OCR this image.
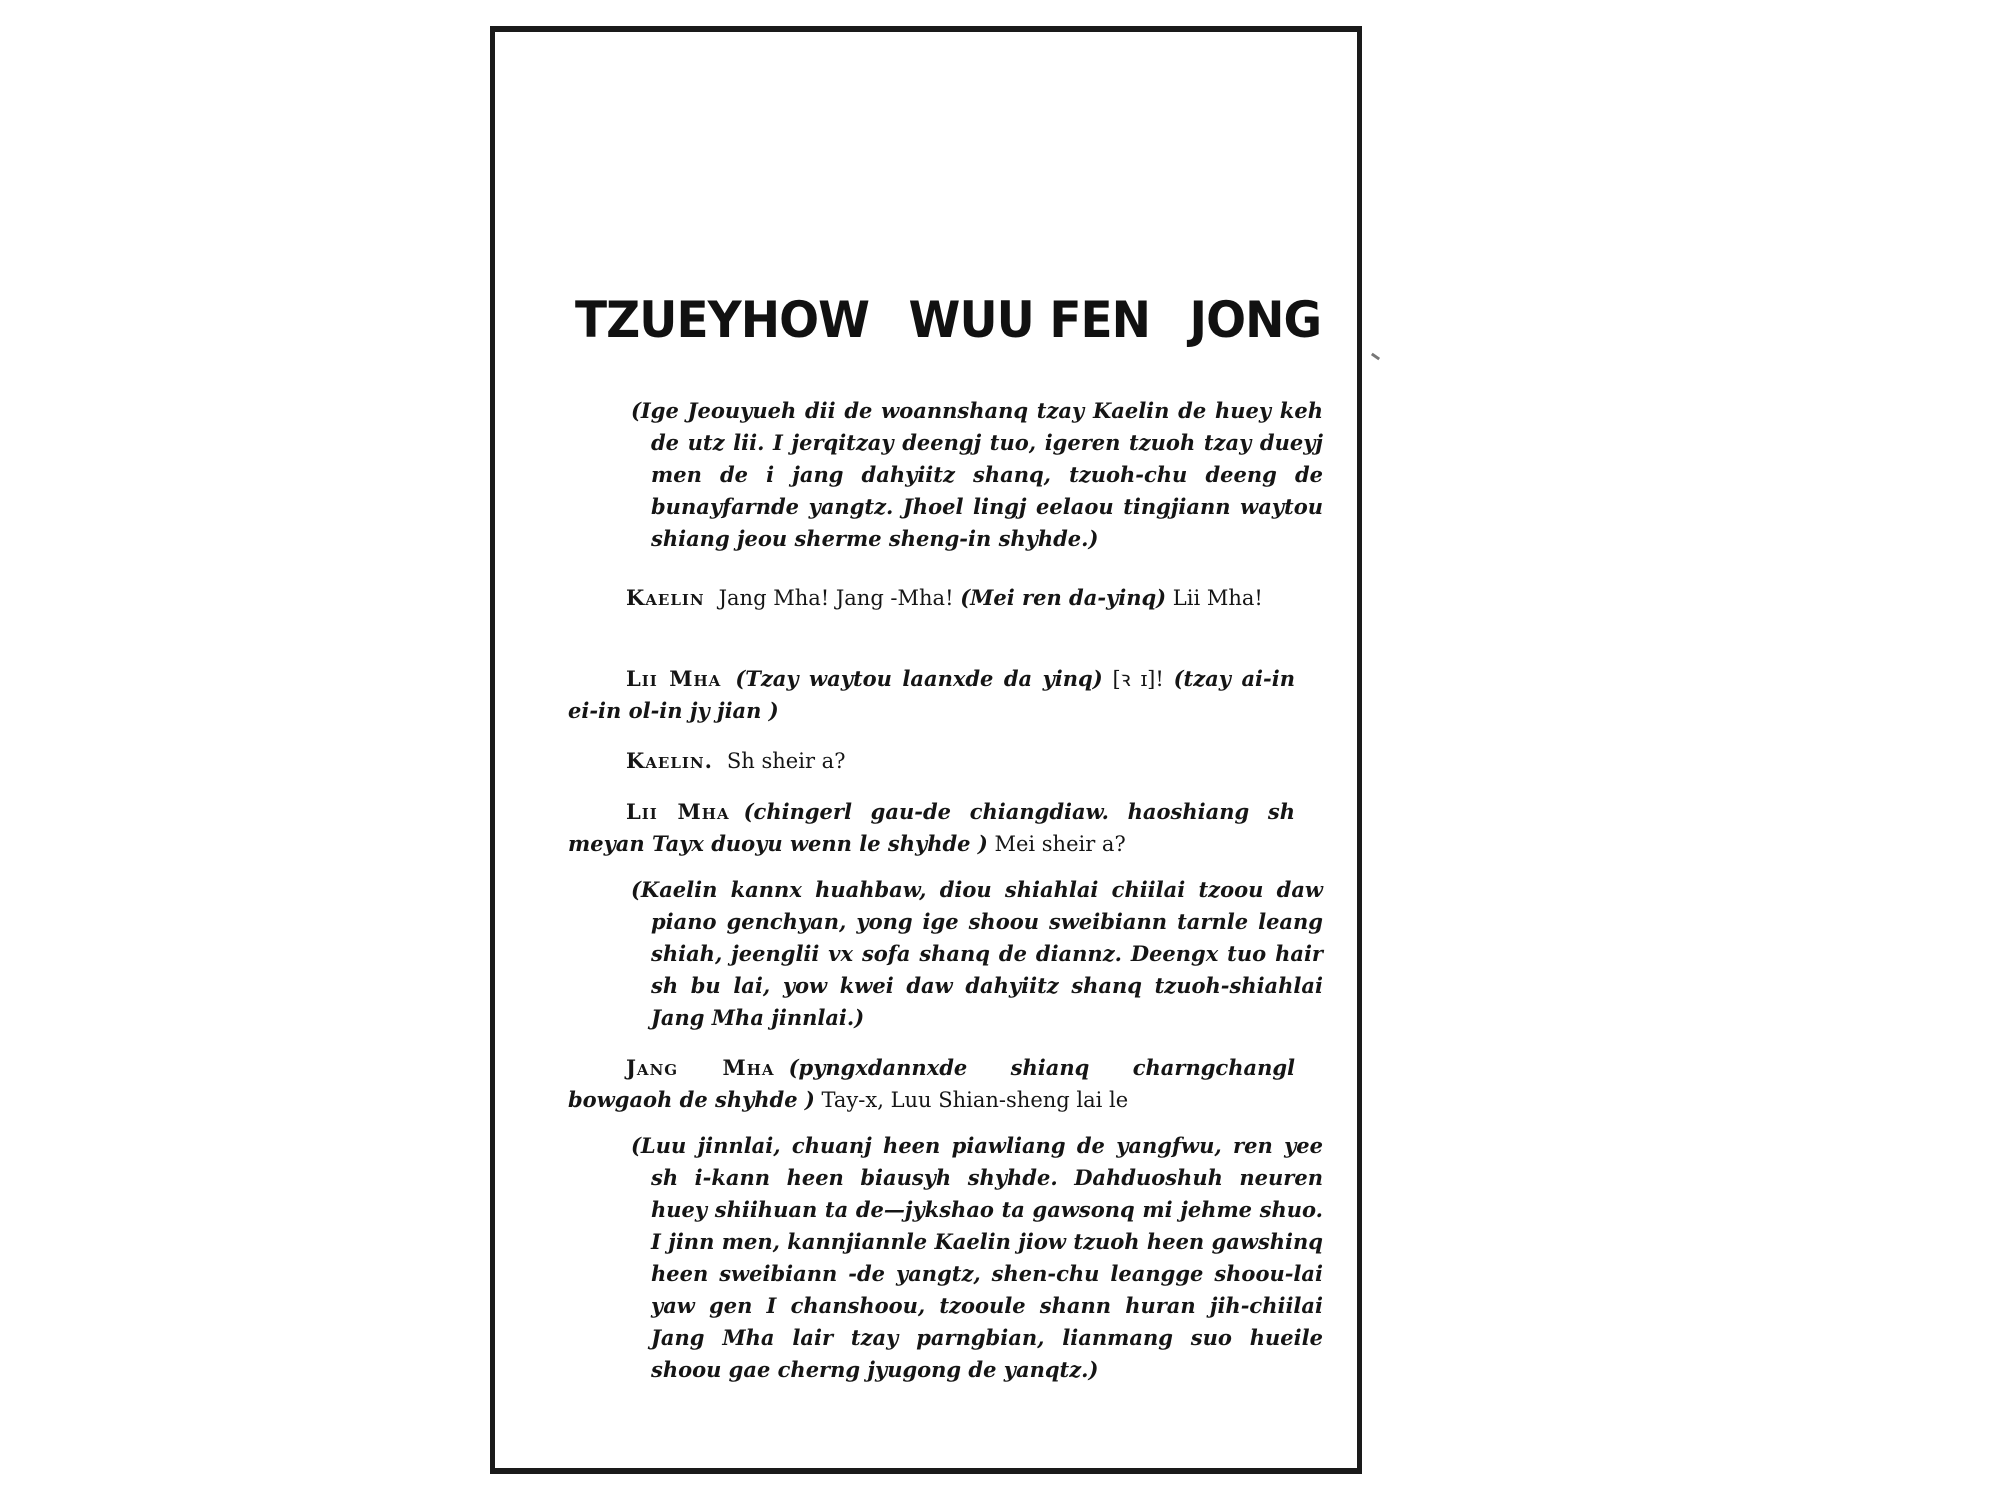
TZUEYHOW WUU FEN JONG
(Ige Jeouyueh dii de woannshanq tzay Kaelin de huey keh de utz lii. I jerqitzay deengj tuo, igeren tzuoh tzay dueyj men de i jang dahyiitz shanq, tzuoh-chu deeng de bunayfarnde yangtz. Jhoel lingj eelaou tingjiann waytou shiang jeou sherme sheng-in shyhde.)
Kaelin Jang Mha! Jang -Mha! (Mei ren da-yinq) Lii Mha!
Lii Mha (Tzay waytou laanxde da yinq) [ꝛ ɪ]! (tzay ai-in ei-in ol-in jy jian )
Kaelin. Sh sheir a?
Lii Mha (chingerl gau-de chiangdiaw. haoshiang sh meyan Tayx duoyu wenn le shyhde ) Mei sheir a?
(Kaelin kannx huahbaw, diou shiahlai chiilai tzoou daw piano genchyan, yong ige shoou sweibiann tarnle leang shiah, jeenglii vx sofa shanq de diannz. Deengx tuo hair sh bu lai, yow kwei daw dahyiitz shanq tzuoh-shiahlai Jang Mha jinnlai.)
Jang Mha (pyngxdannxde shianq charngchangl bowgaoh de shyhde ) Tay-x, Luu Shian-sheng lai le
(Luu jinnlai, chuanj heen piawliang de yangfwu, ren yee sh i-kann heen biausyh shyhde. Dahduoshuh neuren huey shiihuan ta de—jykshao ta gawsonq mi jehme shuo. I jinn men, kannjiannle Kaelin jiow tzuoh heen gawshinq heen sweibiann -de yangtz, shen-chu leangge shoou-lai yaw gen I chanshoou, tzooule shann huran jih-chiilai Jang Mha lair tzay parngbian, lianmang suo hueile shoou gae cherng jyugong de yanqtz.)
